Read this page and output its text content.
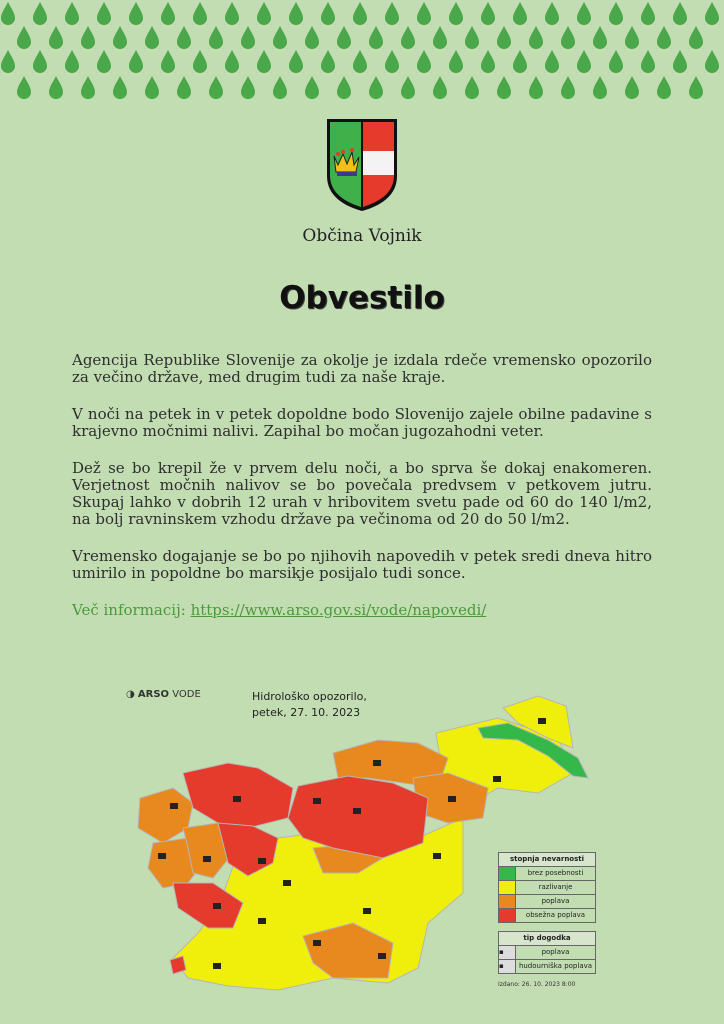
Občina Vojnik
Obvestilo

Agencija Republike Slovenije za okolje je izdala rdeče vremensko opozorilo za večino države, med drugim tudi za naše kraje.

V noči na petek in v petek dopoldne bodo Slovenijo zajele obilne padavine s krajevno močnimi nalivi. Zapihal bo močan jugozahodni veter.

Dež se bo krepil že v prvem delu noči, a bo sprva še dokaj enakomeren. Verjetnost močnih nalivov se bo povečala predvsem v petkovem jutru. Skupaj lahko v dobrih 12 urah v hribovitem svetu pade od 60 do 140 l/m2, na bolj ravninskem vzhodu države pa večinoma od 20 do 50 l/m2.

Vremensko dogajanje se bo po njihovih napovedih v petek sredi dneva hitro umirilo in popoldne bo marsikje posijalo tudi sonce.

Več informacij: https://www.arso.gov.si/vode/napovedi/

◑ ARSO VODE	Hidrološko opozorilo,
petek, 27. 10. 2023
stopnja nevarnosti
brez posebnosti
razlivanje
poplava
obsežna poplava
tip dogodka
▪	poplava
▪	hudourniška poplava
Izdano: 26. 10. 2023 8:00
